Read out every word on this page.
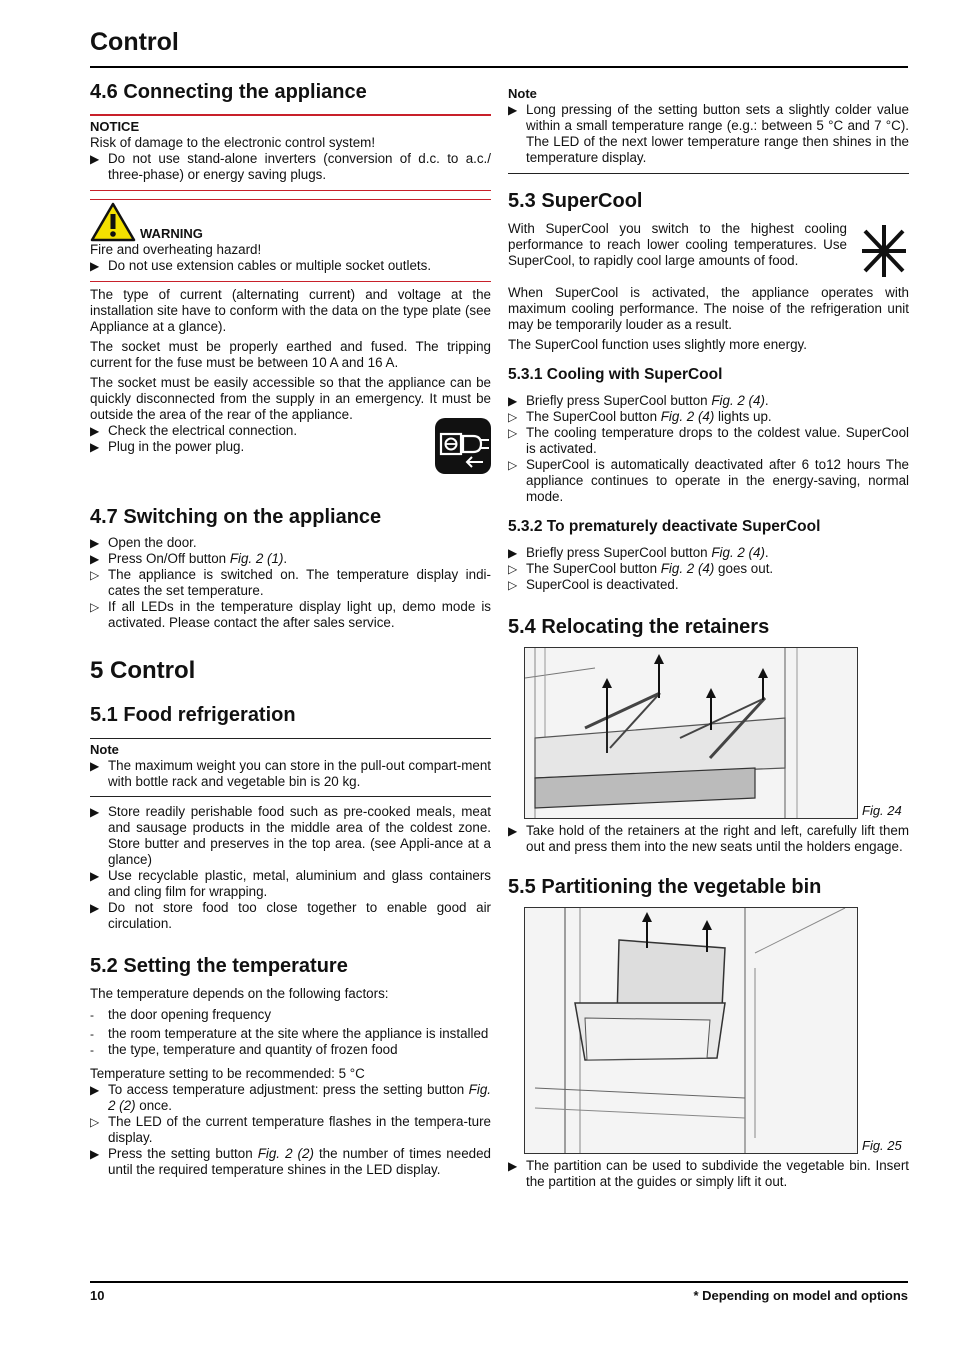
Control
4.6 Connecting the appliance
NOTICE

Risk of damage to the electronic control system!

▶ Do not use stand-alone inverters (conversion of d.c. to a.c./ three-phase) or energy saving plugs.
WARNING

Fire and overheating hazard!

▶ Do not use extension cables or multiple socket outlets.

The type of current (alternating current) and voltage at the installation site have to conform with the data on the type plate (see Appliance at a glance).

The socket must be properly earthed and fused. The tripping current for the fuse must be between 10 A and 16 A.

The socket must be easily accessible so that the appliance can be quickly disconnected from the supply in an emergency. It must be outside the area of the rear of the appliance.

▶ Check the electrical connection.
▶ Plug in the power plug.
4.7 Switching on the appliance
▶ Open the door.
▶ Press On/Off button Fig. 2 (1).
▷ The appliance is switched on. The temperature display indi-cates the set temperature.
▷ If all LEDs in the temperature display light up, demo mode is activated. Please contact the after sales service.
5 Control
5.1 Food refrigeration
Note
▶ The maximum weight you can store in the pull-out compart-ment with bottle rack and vegetable bin is 20 kg.
▶ Store readily perishable food such as pre-cooked meals, meat and sausage products in the middle area of the coldest zone. Store butter and preserves in the top area. (see Appli-ance at a glance)
▶ Use recyclable plastic, metal, aluminium and glass containers and cling film for wrapping.
▶ Do not store food too close together to enable good air circulation.
5.2 Setting the temperature

The temperature depends on the following factors:

-	the door opening frequency
-	the room temperature at the site where the appliance is installed
-	the type, temperature and quantity of frozen food

Temperature setting to be recommended: 5 °C

▶ To access temperature adjustment: press the setting button Fig. 2 (2) once.
▷ The LED of the current temperature flashes in the tempera-ture display.
▶ Press the setting button Fig. 2 (2) the number of times needed until the required temperature shines in the LED display.
Note
▶ Long pressing of the setting button sets a slightly colder value within a small temperature range (e.g.: between 5 °C and 7 °C). The LED of the next lower temperature range then shines in the temperature display.
5.3 SuperCool

With SuperCool you switch to the highest cooling performance to reach lower cooling temperatures. Use SuperCool, to rapidly cool large amounts of food.

When SuperCool is activated, the appliance operates with maximum cooling performance. The noise of the refrigeration unit may be temporarily louder as a result.

The SuperCool function uses slightly more energy.

5.3.1 Cooling with SuperCool
▶ Briefly press SuperCool button Fig. 2 (4).
▷ The SuperCool button Fig. 2 (4) lights up.
▷ The cooling temperature drops to the coldest value. SuperCool is activated.
▷ SuperCool is automatically deactivated after 6 to12 hours The appliance continues to operate in the energy-saving, normal mode.
5.3.2 To prematurely deactivate SuperCool
▶ Briefly press SuperCool button Fig. 2 (4).
▷ The SuperCool button Fig. 2 (4) goes out.
▷ SuperCool is deactivated.
5.4 Relocating the retainers
Fig. 24
▶ Take hold of the retainers at the right and left, carefully lift them out and press them into the new seats until the holders engage.
5.5 Partitioning the vegetable bin
Fig. 25
▶ The partition can be used to subdivide the vegetable bin. Insert the partition at the guides or simply lift it out.
10	* Depending on model and options
